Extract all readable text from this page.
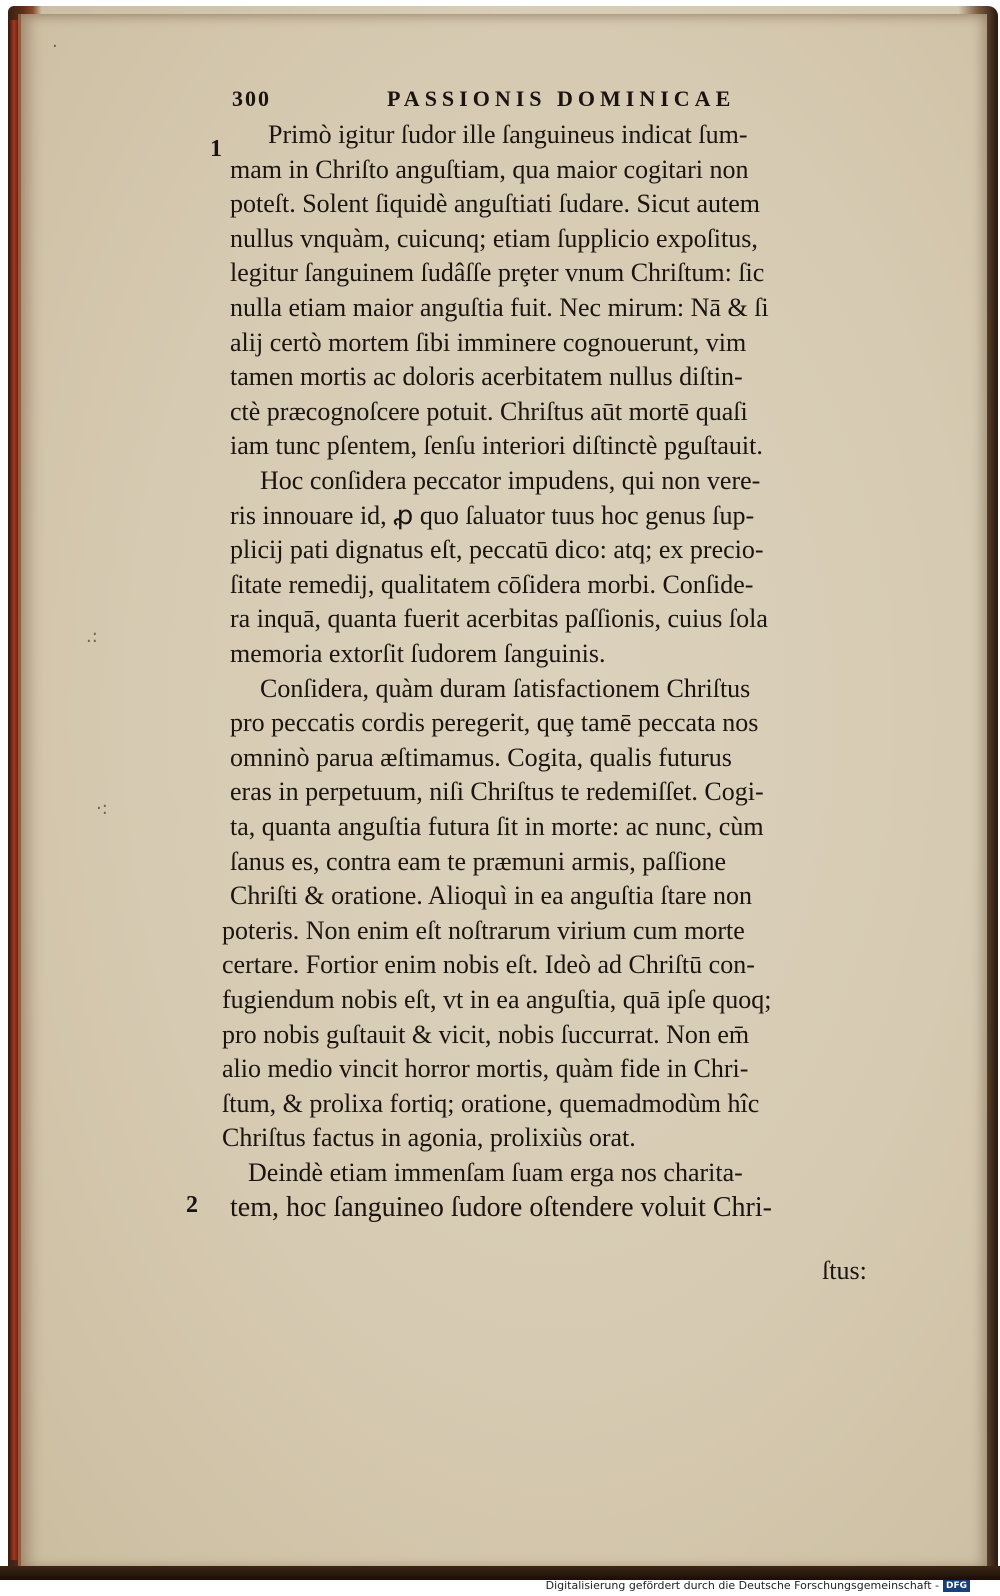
300	PASSIONIS DOMINICAE
1
2
Primò igitur ſudor ille ſanguineus indicat ſum-
mam in Chriſto anguſtiam, qua maior cogitari non
poteſt. Solent ſiquidè anguſtiati ſudare. Sicut autem
nullus vnquàm, cuicunq; etiam ſupplicio expoſitus,
legitur ſanguinem ſudâſſe prȩter vnum Chriſtum: ſic
nulla etiam maior anguſtia fuit. Nec mirum: Nā & ſi
alij certò mortem ſibi imminere cognouerunt, vim
tamen mortis ac doloris acerbitatem nullus diſtin-
ctè præcognoſcere potuit. Chriſtus aūt mortē quaſi
iam tunc pſentem, ſenſu interiori diſtinctè pguſtauit.
Hoc conſidera peccator impudens, qui non vere-
ris innouare id, ꝓ quo ſaluator tuus hoc genus ſup-
plicij pati dignatus eſt, peccatū dico: atq; ex precio-
ſitate remedij, qualitatem cōſidera morbi. Conſide-
ra inquā, quanta fuerit acerbitas paſſionis, cuius ſola
memoria extorſit ſudorem ſanguinis.
Conſidera, quàm duram ſatisfactionem Chriſtus
pro peccatis cordis peregerit, quȩ tamē peccata nos
omninò parua æſtimamus. Cogita, qualis futurus
eras in perpetuum, niſi Chriſtus te redemiſſet. Cogi-
ta, quanta anguſtia futura ſit in morte: ac nunc, cùm
ſanus es, contra eam te præmuni armis, paſſione
Chriſti & oratione. Alioquì in ea anguſtia ſtare non
poteris. Non enim eſt noſtrarum virium cum morte
certare. Fortior enim nobis eſt. Ideò ad Chriſtū con-
fugiendum nobis eſt, vt in ea anguſtia, quā ipſe quoq;
pro nobis guſtauit & vicit, nobis ſuccurrat. Non em̄
alio medio vincit horror mortis, quàm fide in Chri-
ſtum, & prolixa fortiq; oratione, quemadmodùm hîc
Chriſtus factus in agonia, prolixiùs orat.
Deindè etiam immenſam ſuam erga nos charita-
tem, hoc ſanguineo ſudore oſtendere voluit Chri-
ſtus:
.:
·:
·
Digitalisierung gefördert durch die Deutsche Forschungsgemeinschaft - DFG
